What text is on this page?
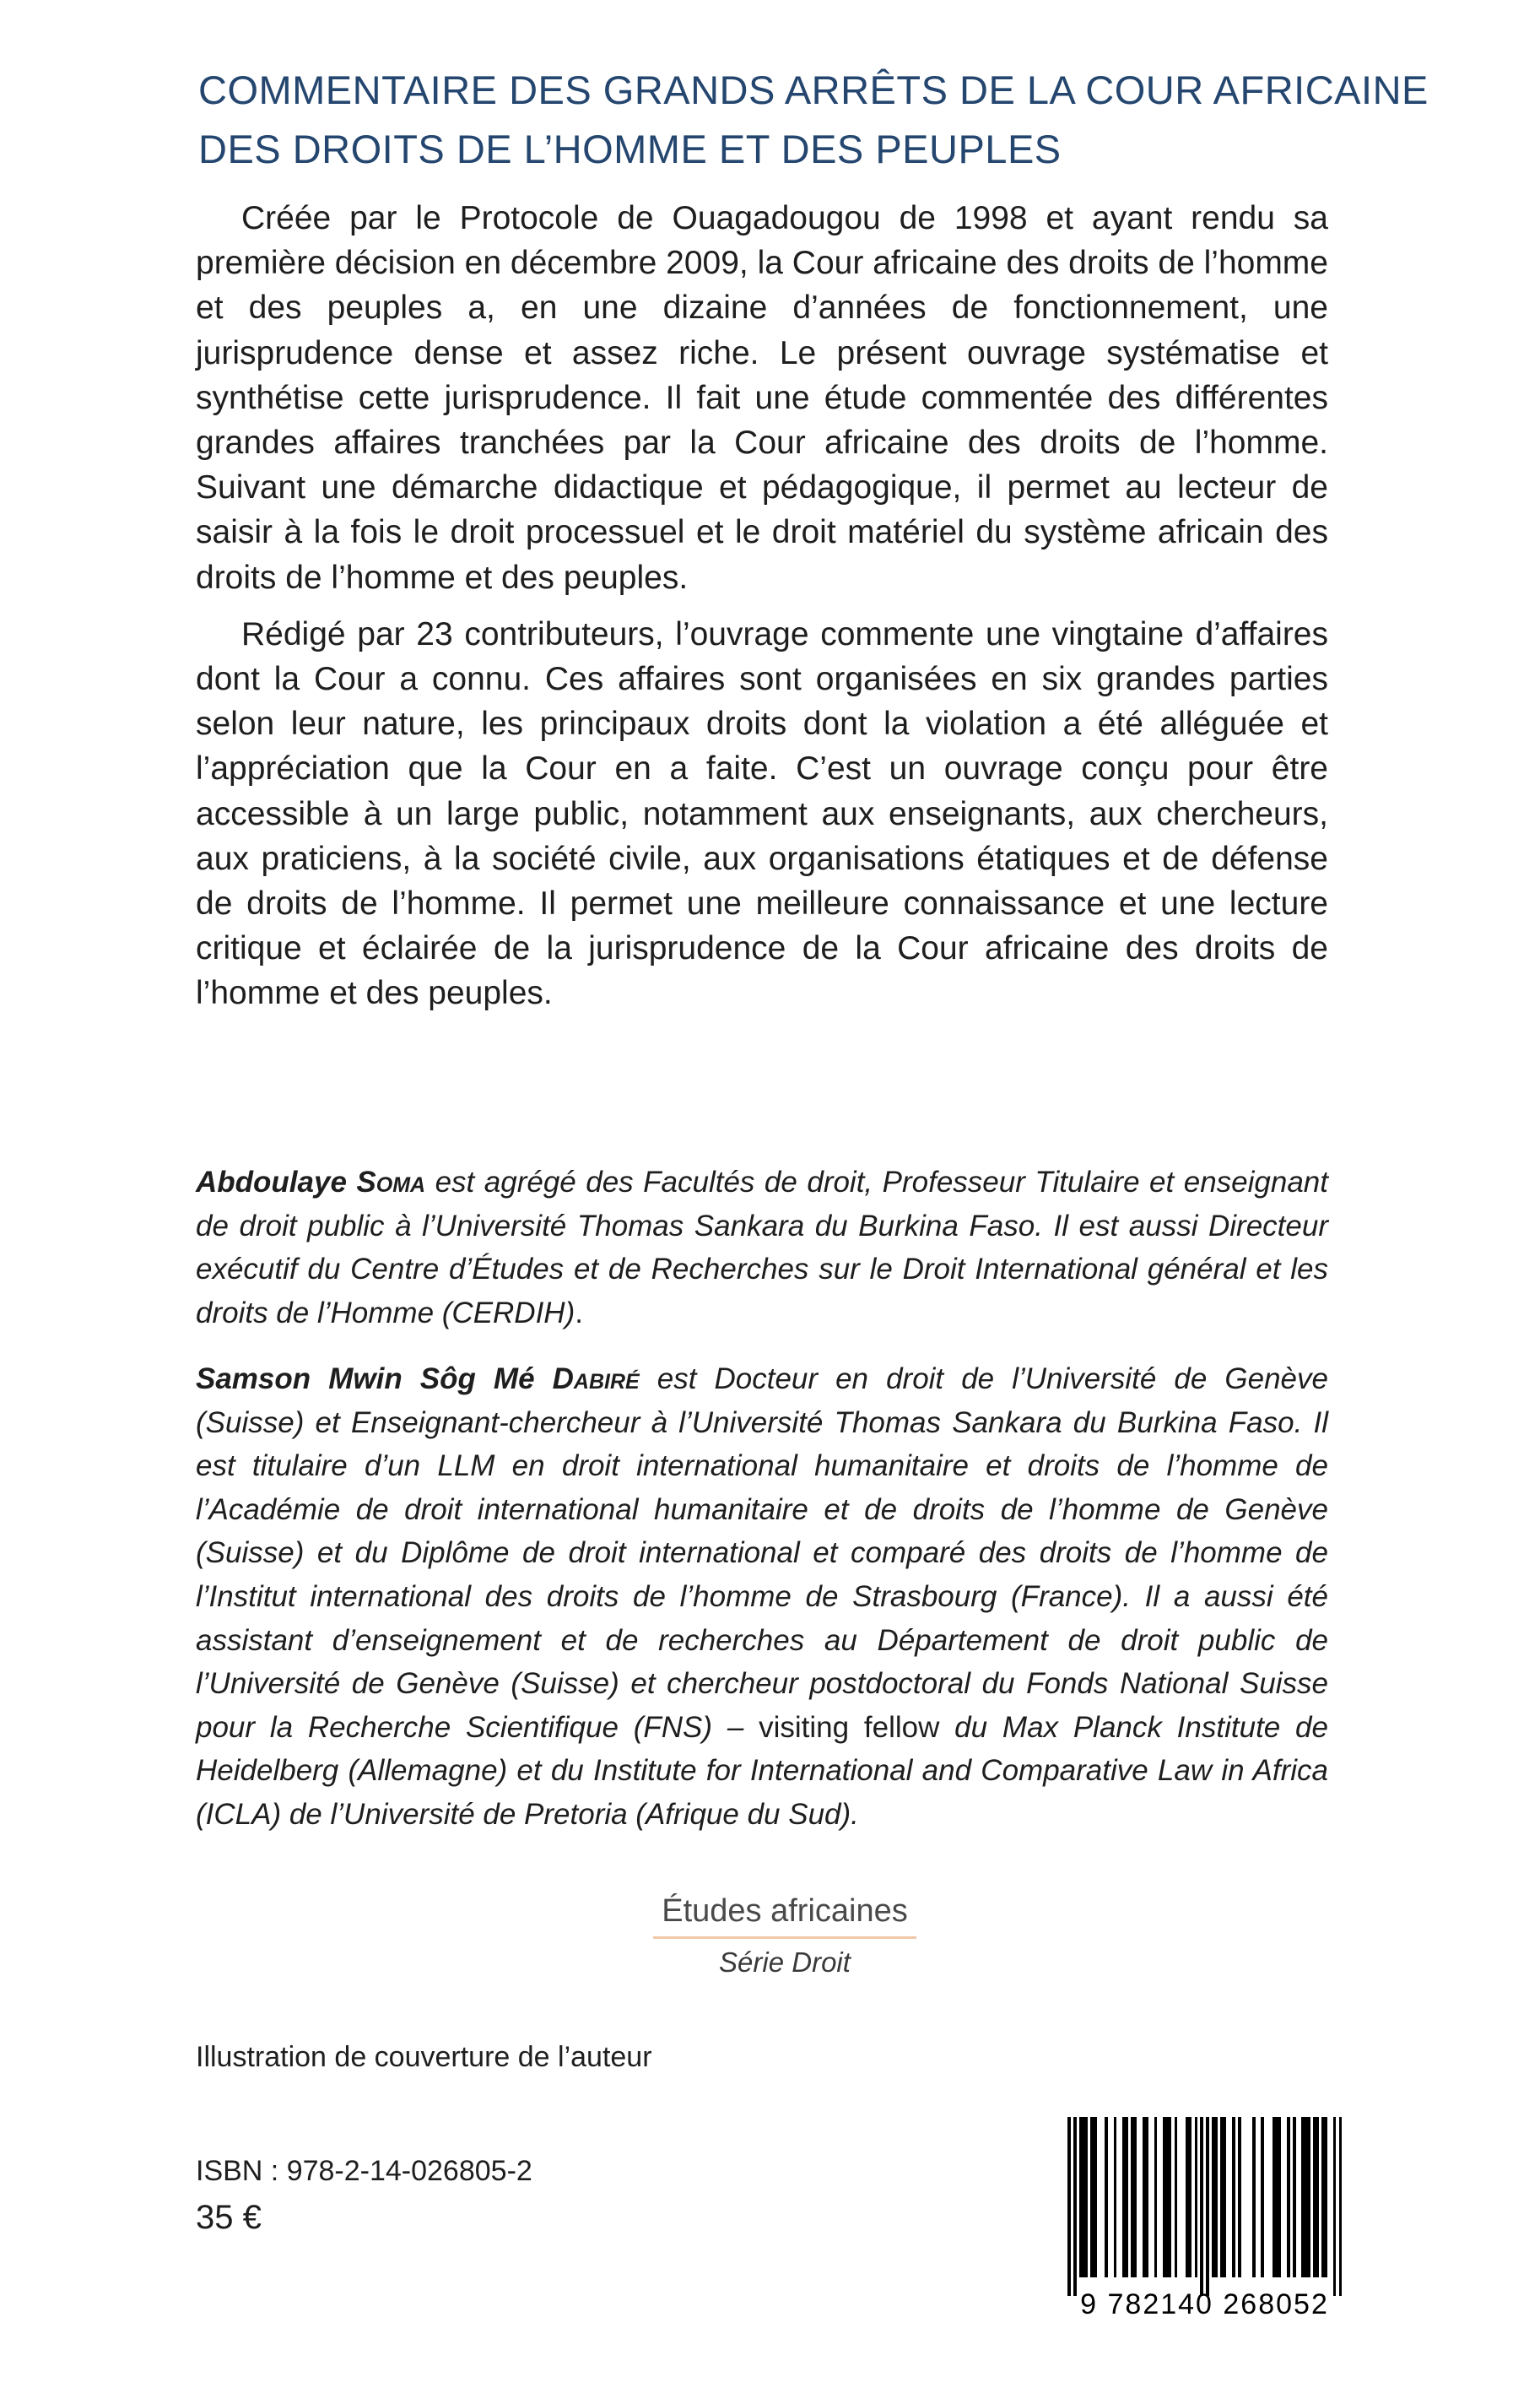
COMMENTAIRE DES GRANDS ARRÊTS DE LA COUR AFRICAINE
DES DROITS DE L’HOMME ET DES PEUPLES

Créée par le Protocole de Ouagadougou de 1998 et ayant rendu sa première décision en décembre 2009, la Cour africaine des droits de l’homme et des peuples a, en une dizaine d’années de fonctionnement, une jurisprudence dense et assez riche. Le présent ouvrage systématise et synthétise cette jurisprudence. Il fait une étude commentée des différentes grandes affaires tranchées par la Cour africaine des droits de l’homme. Suivant une démarche didactique et pédagogique, il permet au lecteur de saisir à la fois le droit processuel et le droit matériel du système africain des droits de l’homme et des peuples.

Rédigé par 23 contributeurs, l’ouvrage commente une vingtaine d’affaires dont la Cour a connu. Ces affaires sont organisées en six grandes parties selon leur nature, les principaux droits dont la violation a été alléguée et l’appréciation que la Cour en a faite. C’est un ouvrage conçu pour être accessible à un large public, notamment aux enseignants, aux chercheurs, aux praticiens, à la société civile, aux organisations étatiques et de défense de droits de l’homme. Il permet une meilleure connaissance et une lecture critique et éclairée de la jurisprudence de la Cour africaine des droits de l’homme et des peuples.

Abdoulaye Soma est agrégé des Facultés de droit, Professeur Titulaire et enseignant de droit public à l’Université Thomas Sankara du Burkina Faso. Il est aussi Directeur exécutif du Centre d’Études et de Recherches sur le Droit International général et les droits de l’Homme (CERDIH).

Samson Mwin Sôg Mé Dabiré est Docteur en droit de l’Université de Genève (Suisse) et Enseignant-chercheur à l’Université Thomas Sankara du Burkina Faso. Il est titulaire d’un LLM en droit international humanitaire et droits de l’homme de l’Académie de droit international humanitaire et de droits de l’homme de Genève (Suisse) et du Diplôme de droit international et comparé des droits de l’homme de l’Institut international des droits de l’homme de Strasbourg (France). Il a aussi été assistant d’enseignement et de recherches au Département de droit public de l’Université de Genève (Suisse) et chercheur postdoctoral du Fonds National Suisse pour la Recherche Scientifique (FNS) – visiting fellow du Max Planck Institute de Heidelberg (Allemagne) et du Institute for International and Comparative Law in Africa (ICLA) de l’Université de Pretoria (Afrique du Sud).

Études africaines
Série Droit
Illustration de couverture de l’auteur
ISBN : 978-2-14-026805-2
35 €
9 782140 268052
